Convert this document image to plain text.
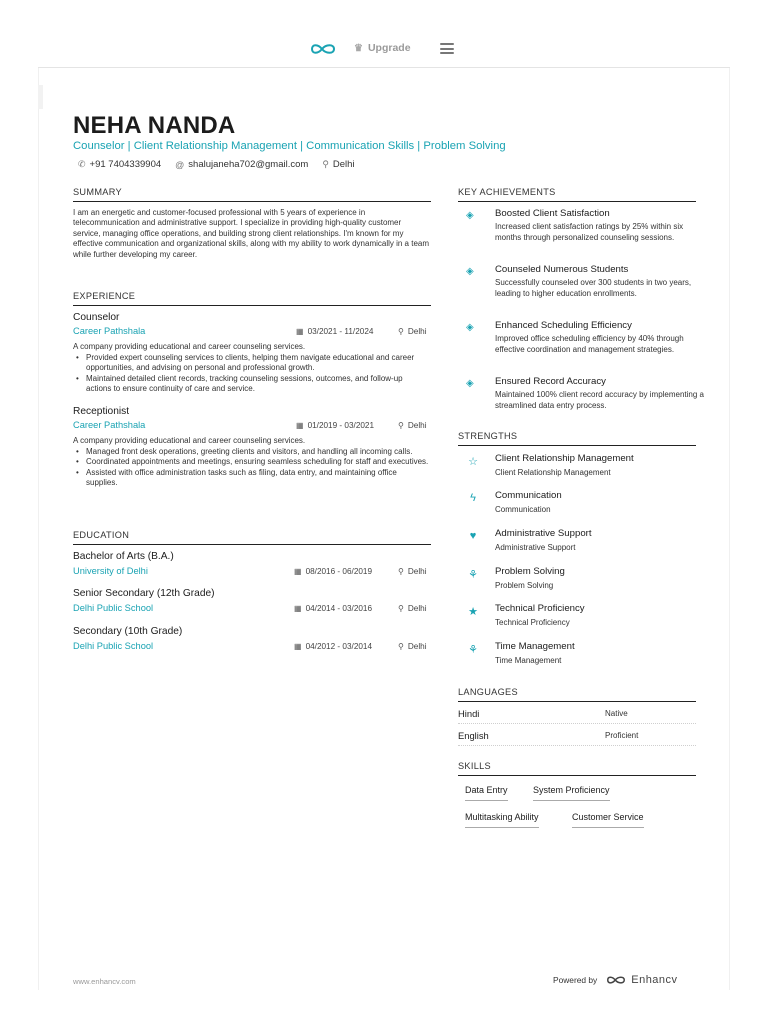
♛ Upgrade
NEHA NANDA
Counselor | Client Relationship Management | Communication Skills | Problem Solving
✆ +91 7404339904 @ shalujaneha702@gmail.com ⚲ Delhi
SUMMARY
I am an energetic and customer-focused professional with 5 years of experience in telecommunication and administrative support. I specialize in providing high-quality customer service, managing office operations, and building strong client relationships. I'm known for my effective communication and organizational skills, along with my ability to work dynamically in a team while further developing my career.
EXPERIENCE
Counselor
Career Pathshala	▦ 03/2021 - 11/2024	⚲ Delhi
A company providing educational and career counseling services.
• Provided expert counseling services to clients, helping them navigate educational and career opportunities, and advising on personal and professional growth.
• Maintained detailed client records, tracking counseling sessions, outcomes, and follow-up actions to ensure continuity of care and service.
Receptionist
Career Pathshala	▦ 01/2019 - 03/2021	⚲ Delhi
A company providing educational and career counseling services.
• Managed front desk operations, greeting clients and visitors, and handling all incoming calls.
• Coordinated appointments and meetings, ensuring seamless scheduling for staff and executives.
• Assisted with office administration tasks such as filing, data entry, and maintaining office supplies.
EDUCATION
Bachelor of Arts (B.A.)
University of Delhi	▦ 08/2016 - 06/2019	⚲ Delhi
Senior Secondary (12th Grade)
Delhi Public School	▦ 04/2014 - 03/2016	⚲ Delhi
Secondary (10th Grade)
Delhi Public School	▦ 04/2012 - 03/2014	⚲ Delhi
KEY ACHIEVEMENTS
◈	Boosted Client Satisfaction
Increased client satisfaction ratings by 25% within six months through personalized counseling sessions.
◈	Counseled Numerous Students
Successfully counseled over 300 students in two years, leading to higher education enrollments.
◈	Enhanced Scheduling Efficiency
Improved office scheduling efficiency by 40% through effective coordination and management strategies.
◈	Ensured Record Accuracy
Maintained 100% client record accuracy by implementing a streamlined data entry process.
STRENGTHS
☆ Client Relationship Management
Client Relationship Management
ϟ	Communication
Communication
♥	Administrative Support
Administrative Support
⚘ Problem Solving
Problem Solving
★ Technical Proficiency
Technical Proficiency
⚘ Time Management
Time Management
LANGUAGES
Hindi	Native
English	Proficient
SKILLS
Data Entry	System Proficiency
Multitasking Ability	Customer Service
www.enhancv.com	Powered by	Enhancv
